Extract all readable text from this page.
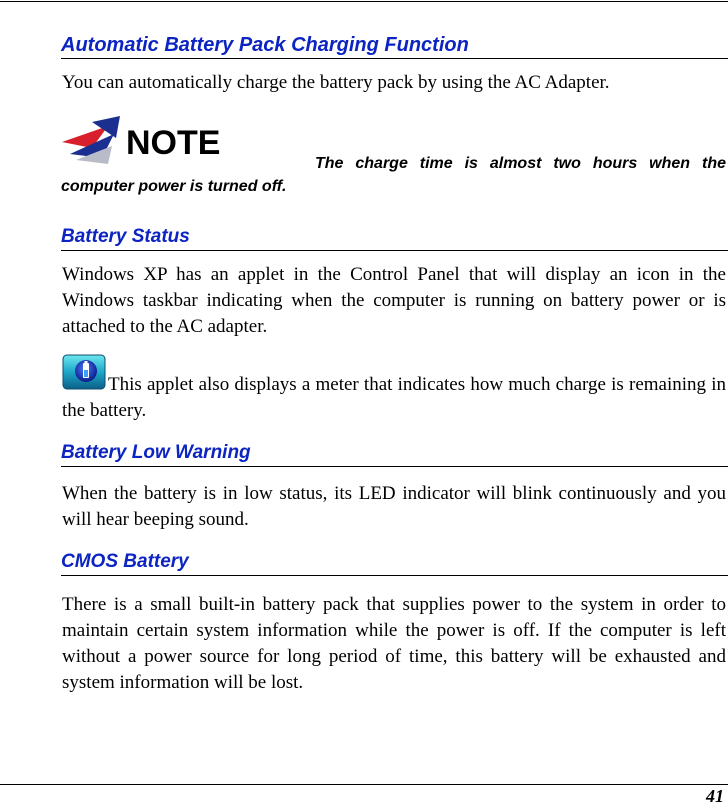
Automatic Battery Pack Charging Function
You can automatically charge the battery pack by using the AC Adapter.
NOTE
The charge time is almost two hours when the computer power is turned off.
Battery Status
Windows XP has an applet in the Control Panel that will display an icon in the Windows taskbar indicating when the computer is running on battery power or is attached to the AC adapter.
This applet also displays a meter that indicates how much charge is remaining in the battery.
Battery Low Warning
When the battery is in low status, its LED indicator will blink continuously and you will hear beeping sound.
CMOS Battery
There is a small built-in battery pack that supplies power to the system in order to maintain certain system information while the power is off. If the computer is left without a power source for long period of time, this battery will be exhausted and system information will be lost.
41
